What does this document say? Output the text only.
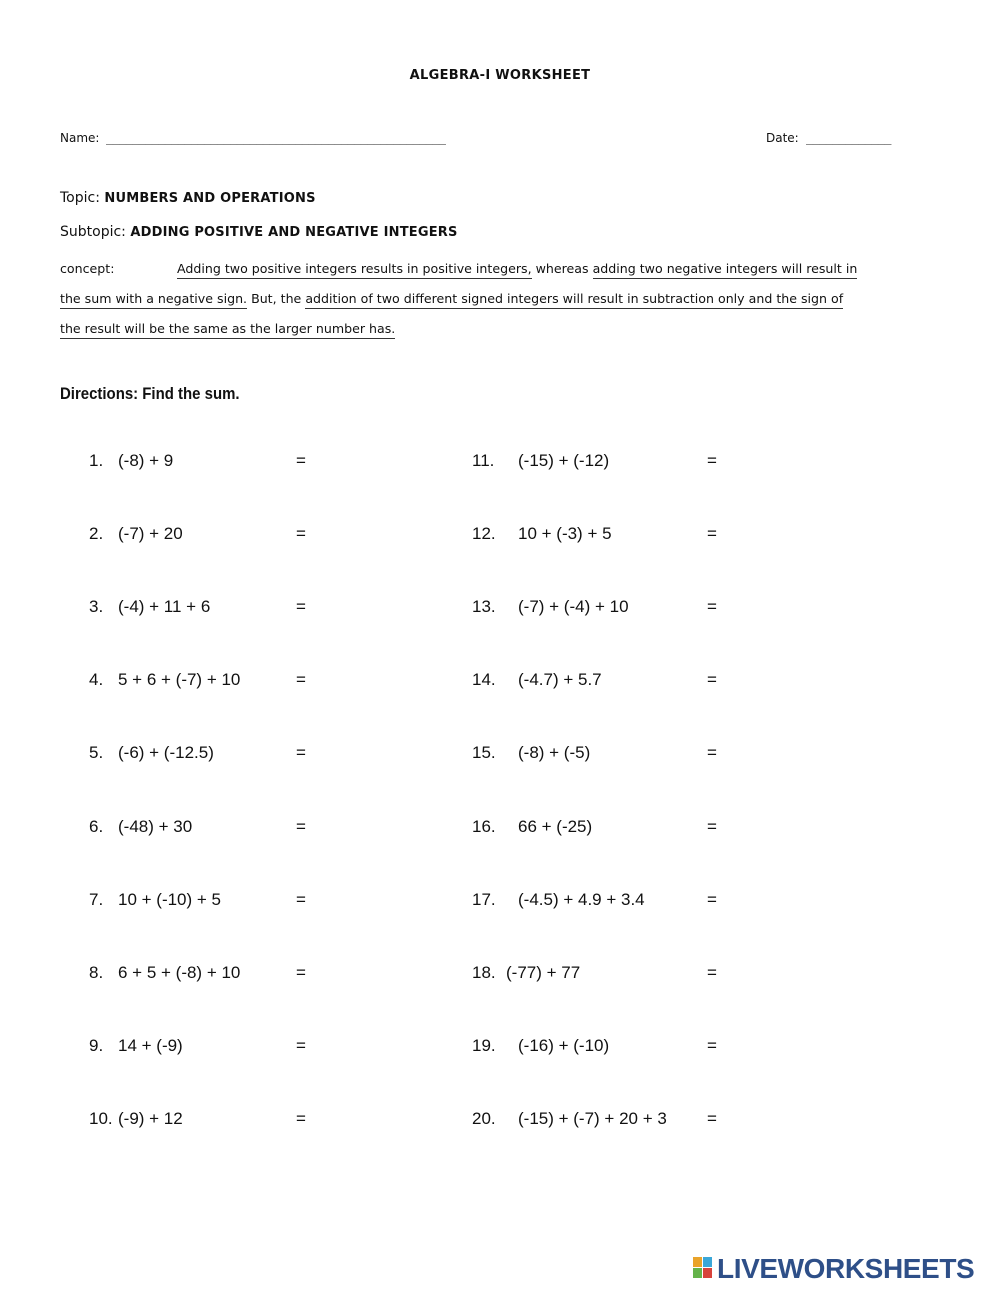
ALGEBRA-I WORKSHEET
Name: ____________________________________________________	Date: _____________
Topic: NUMBERS AND OPERATIONS
Subtopic: ADDING POSITIVE AND NEGATIVE INTEGERS
concept:	Adding two positive integers results in positive integers, whereas adding two negative integers will result in
the sum with a negative sign. But, the addition of two different signed integers will result in subtraction only and the sign of
the result will be the same as the larger number has.
Directions: Find the sum.
1. (-8) + 9	=
2. (-7) + 20	=
3. (-4) + 11 + 6	=
4. 5 + 6 + (-7) + 10	=
5. (-6) + (-12.5)	=
6. (-48) + 30	=
7. 10 + (-10) + 5	=
8. 6 + 5 + (-8) + 10	=
9. 14 + (-9)	=
10. (-9) + 12	=
11. (-15) + (-12)	=
12. 10 + (-3) + 5	=
13. (-7) + (-4) + 10	=
14. (-4.7) + 5.7	=
15. (-8) + (-5)	=
16. 66 + (-25)	=
17. (-4.5) + 4.9 + 3.4	=
18. (-77) + 77	=
19. (-16) + (-10)	=
20. (-15) + (-7) + 20 + 3 =
LIVEWORKSHEETS
